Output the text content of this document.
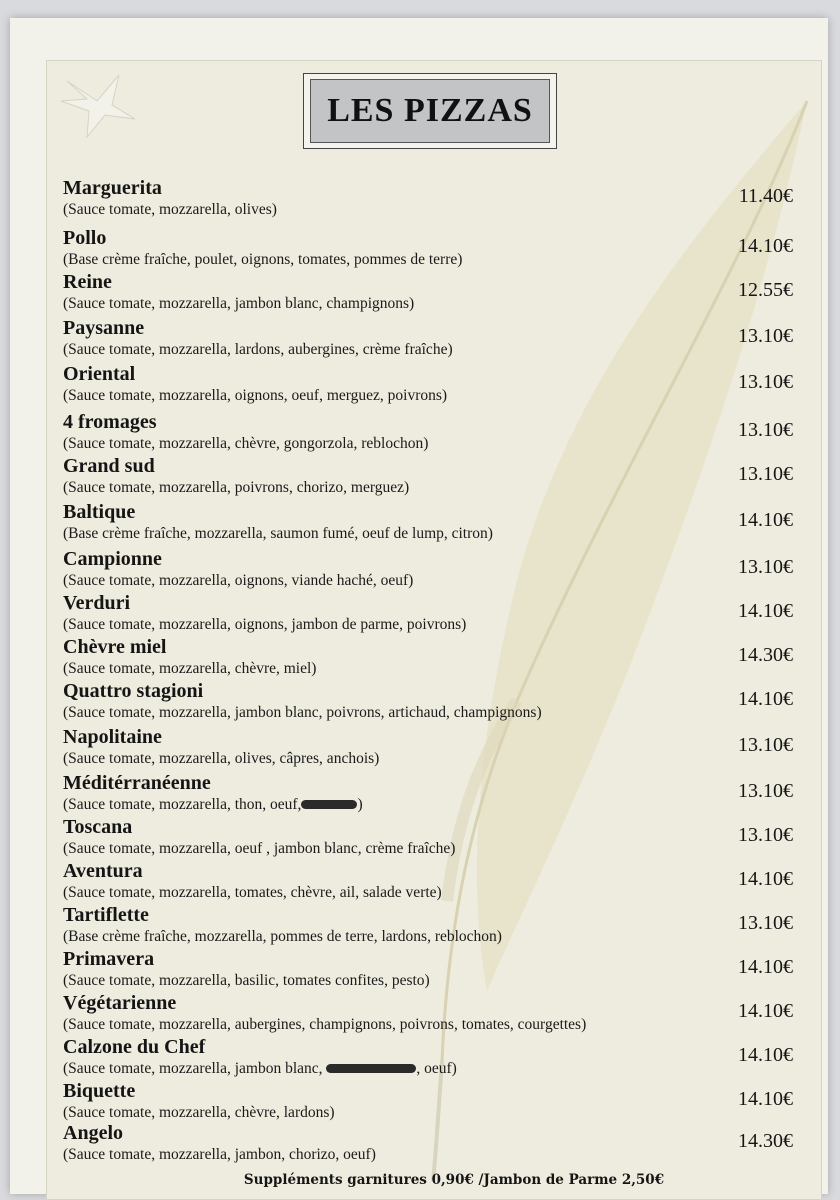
LES PIZZAS
Marguerita
(Sauce tomate, mozzarella, olives)
11.40€
Pollo
(Base crème fraîche, poulet, oignons, tomates, pommes de terre)
14.10€
Reine
(Sauce tomate, mozzarella, jambon blanc, champignons)
12.55€
Paysanne
(Sauce tomate, mozzarella, lardons, aubergines, crème fraîche)
13.10€
Oriental
(Sauce tomate, mozzarella, oignons, oeuf, merguez, poivrons)
13.10€
4 fromages
(Sauce tomate, mozzarella, chèvre, gongorzola, reblochon)
13.10€
Grand sud
(Sauce tomate, mozzarella, poivrons, chorizo, merguez)
13.10€
Baltique
(Base crème fraîche, mozzarella, saumon fumé, oeuf de lump, citron)
14.10€
Campionne
(Sauce tomate, mozzarella, oignons, viande haché, oeuf)
13.10€
Verduri
(Sauce tomate, mozzarella, oignons, jambon de parme, poivrons)
14.10€
Chèvre miel
(Sauce tomate, mozzarella, chèvre, miel)
14.30€
Quattro stagioni
(Sauce tomate, mozzarella, jambon blanc, poivrons, artichaud, champignons)
14.10€
Napolitaine
(Sauce tomate, mozzarella, olives, câpres, anchois)
13.10€
Méditérranéenne
(Sauce tomate, mozzarella, thon, oeuf,	)
13.10€
Toscana
(Sauce tomate, mozzarella, oeuf , jambon blanc, crème fraîche)
13.10€
Aventura
(Sauce tomate, mozzarella, tomates, chèvre, ail, salade verte)
14.10€
Tartiflette
(Base crème fraîche, mozzarella, pommes de terre, lardons, reblochon)
13.10€
Primavera
(Sauce tomate, mozzarella, basilic, tomates confites, pesto)
14.10€
Végétarienne
(Sauce tomate, mozzarella, aubergines, champignons, poivrons, tomates, courgettes)
14.10€
Calzone du Chef
(Sauce tomate, mozzarella, jambon blanc,	, oeuf)
14.10€
Biquette
(Sauce tomate, mozzarella, chèvre, lardons)
14.10€
Angelo
(Sauce tomate, mozzarella, jambon, chorizo, oeuf)
14.30€
Suppléments garnitures 0,90€ /Jambon de Parme 2,50€
